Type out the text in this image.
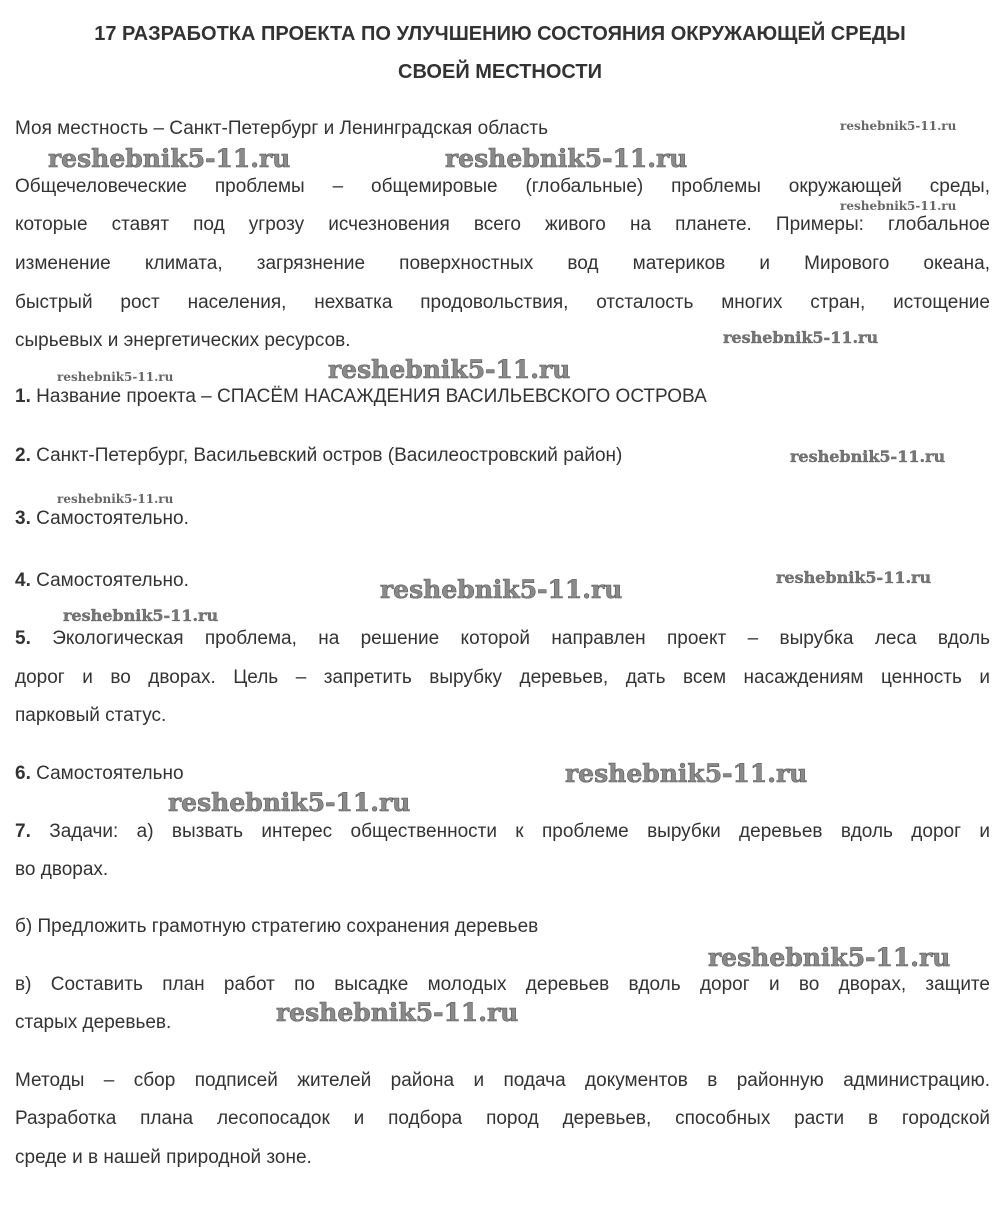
17 РАЗРАБОТКА ПРОЕКТА ПО УЛУЧШЕНИЮ СОСТОЯНИЯ ОКРУЖАЮЩЕЙ СРЕДЫ
СВОЕЙ МЕСТНОСТИ
Моя местность – Санкт-Петербург и Ленинградская область
Общечеловеческие проблемы – общемировые (глобальные) проблемы окружающей среды,
которые ставят под угрозу исчезновения всего живого на планете. Примеры: глобальное
изменение климата, загрязнение поверхностных вод материков и Мирового океана,
быстрый рост населения, нехватка продовольствия, отсталость многих стран, истощение
сырьевых и энергетических ресурсов.
1. Название проекта – СПАСЁМ НАСАЖДЕНИЯ ВАСИЛЬЕВСКОГО ОСТРОВА
2. Санкт-Петербург, Васильевский остров (Василеостровский район)
3. Самостоятельно.
4. Самостоятельно.
5. Экологическая проблема, на решение которой направлен проект – вырубка леса вдоль
дорог и во дворах. Цель – запретить вырубку деревьев, дать всем насаждениям ценность и
парковый статус.
6. Самостоятельно
7. Задачи: а) вызвать интерес общественности к проблеме вырубки деревьев вдоль дорог и
во дворах.
б) Предложить грамотную стратегию сохранения деревьев
в) Составить план работ по высадке молодых деревьев вдоль дорог и во дворах, защите
старых деревьев.
Методы – сбор подписей жителей района и подача документов в районную администрацию.
Разработка плана лесопосадок и подбора пород деревьев, способных расти в городской
среде и в нашей природной зоне.
reshebnik5-11.ru	reshebnik5-11.ru
reshebnik5-11.ru
reshebnik5-11.ru
reshebnik5-11.ru
reshebnik5-11.ru
reshebnik5-11.ru
reshebnik5-11.ru
reshebnik5-11.ru
reshebnik5-11.ru
reshebnik5-11.ru
reshebnik5-11.ru
reshebnik5-11.ru
reshebnik5-11.ru
reshebnik5-11.ru
reshebnik5-11.ru
